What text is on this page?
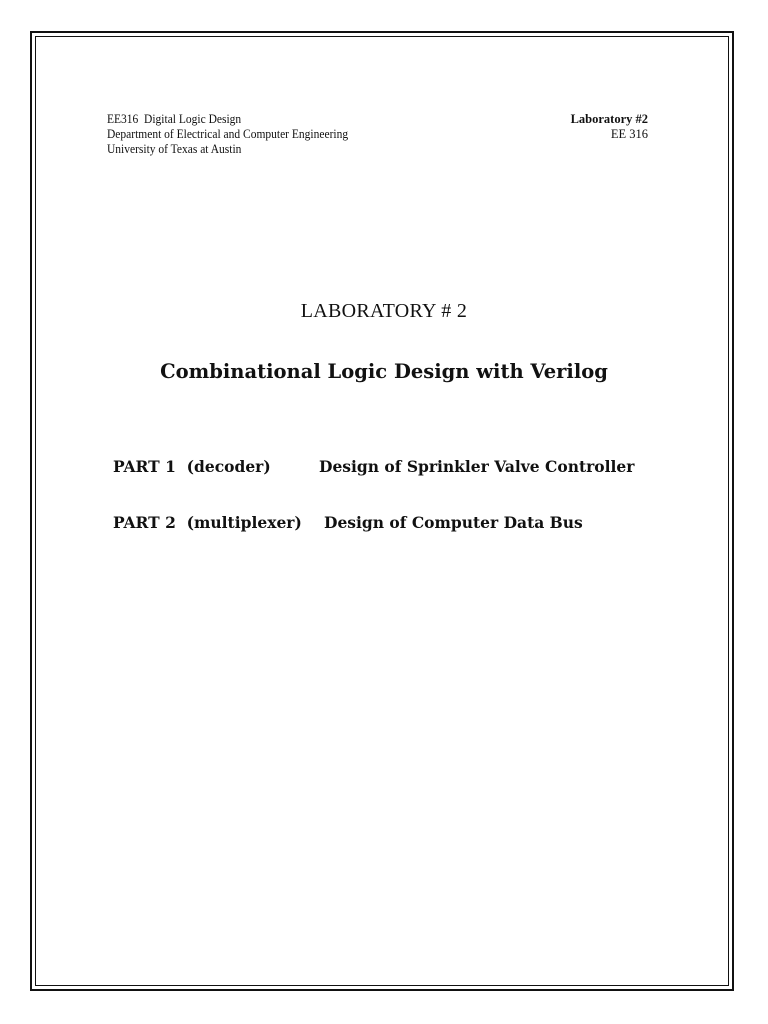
EE316  Digital Logic Design
Department of Electrical and Computer Engineering
University of Texas at Austin
Laboratory #2
EE 316
LABORATORY # 2
Combinational Logic Design with Verilog
PART 1  (decoder)	Design of Sprinkler Valve Controller
PART 2  (multiplexer) Design of Computer Data Bus
